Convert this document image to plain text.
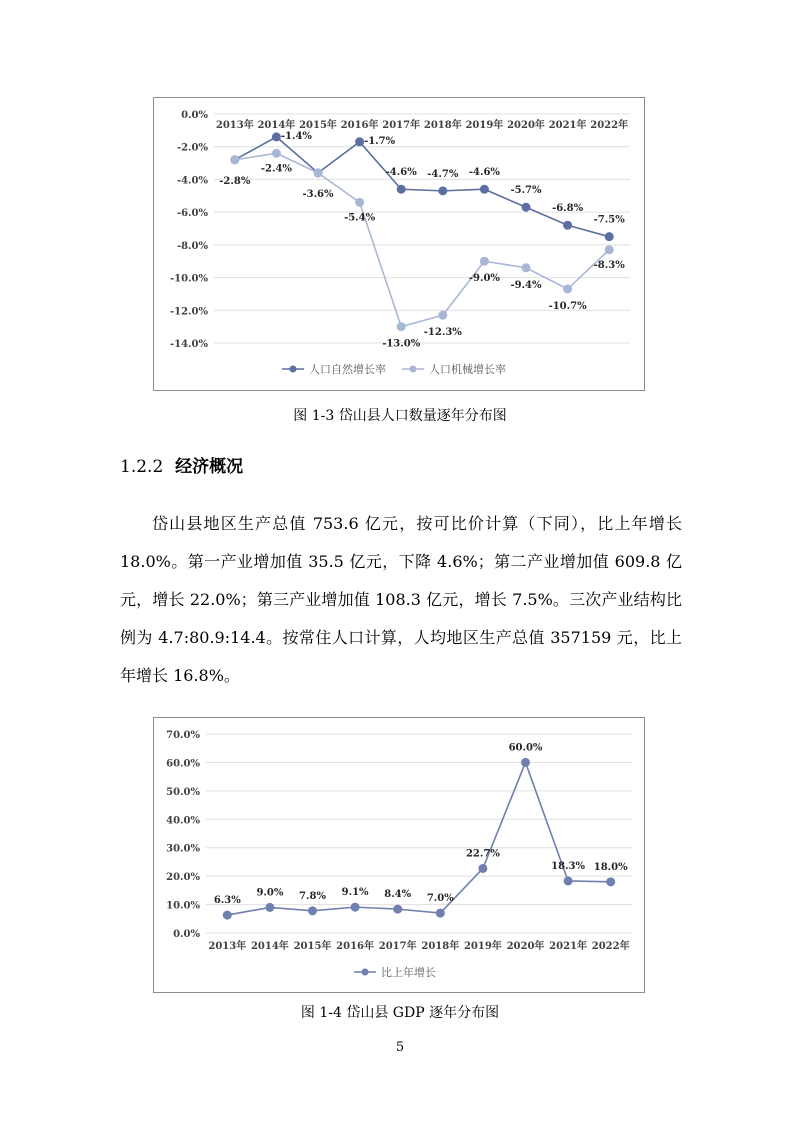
0.0%
-2.0%
-4.0%
-6.0%
-8.0%
-10.0%
-12.0%
-14.0%
2013年 2014年 2015年 2016年 2017年 2018年 2019年 2020年 2021年 2022年
-2.8%
-1.4%
-3.6%
-1.7%
-4.6% -4.7% -4.6%
-5.7%
-6.8%
-7.5%
-2.4%
-5.4%
-13.0%
-12.3%
-9.0%
-9.4%
-10.7%
-8.3%
人口自然增长率	人口机械增长率
图 1-3 岱山县人口数量逐年分布图
1.2.2 经济概况

岱山县地区生产总值 753.6 亿元，按可比价计算（下同），比上年增长 18.0%。第一产业增加值 35.5 亿元，下降 4.6%；第二产业增加值 609.8 亿元，增长 22.0%；第三产业增加值 108.3 亿元，增长 7.5%。三次产业结构比例为 4.7:80.9:14.4。按常住人口计算，人均地区生产总值 357159 元，比上年增长 16.8%。

0.0%
10.0%
20.0%
30.0%
40.0%
50.0%
60.0%
70.0%
2013年 2014年 2015年 2016年 2017年 2018年 2019年 2020年 2021年 2022年
6.3%
9.0% 7.8% 9.1% 8.4% 7.0%
22.7%
60.0%
18.3% 18.0%
比上年增长
图 1-4 岱山县 GDP 逐年分布图
5
